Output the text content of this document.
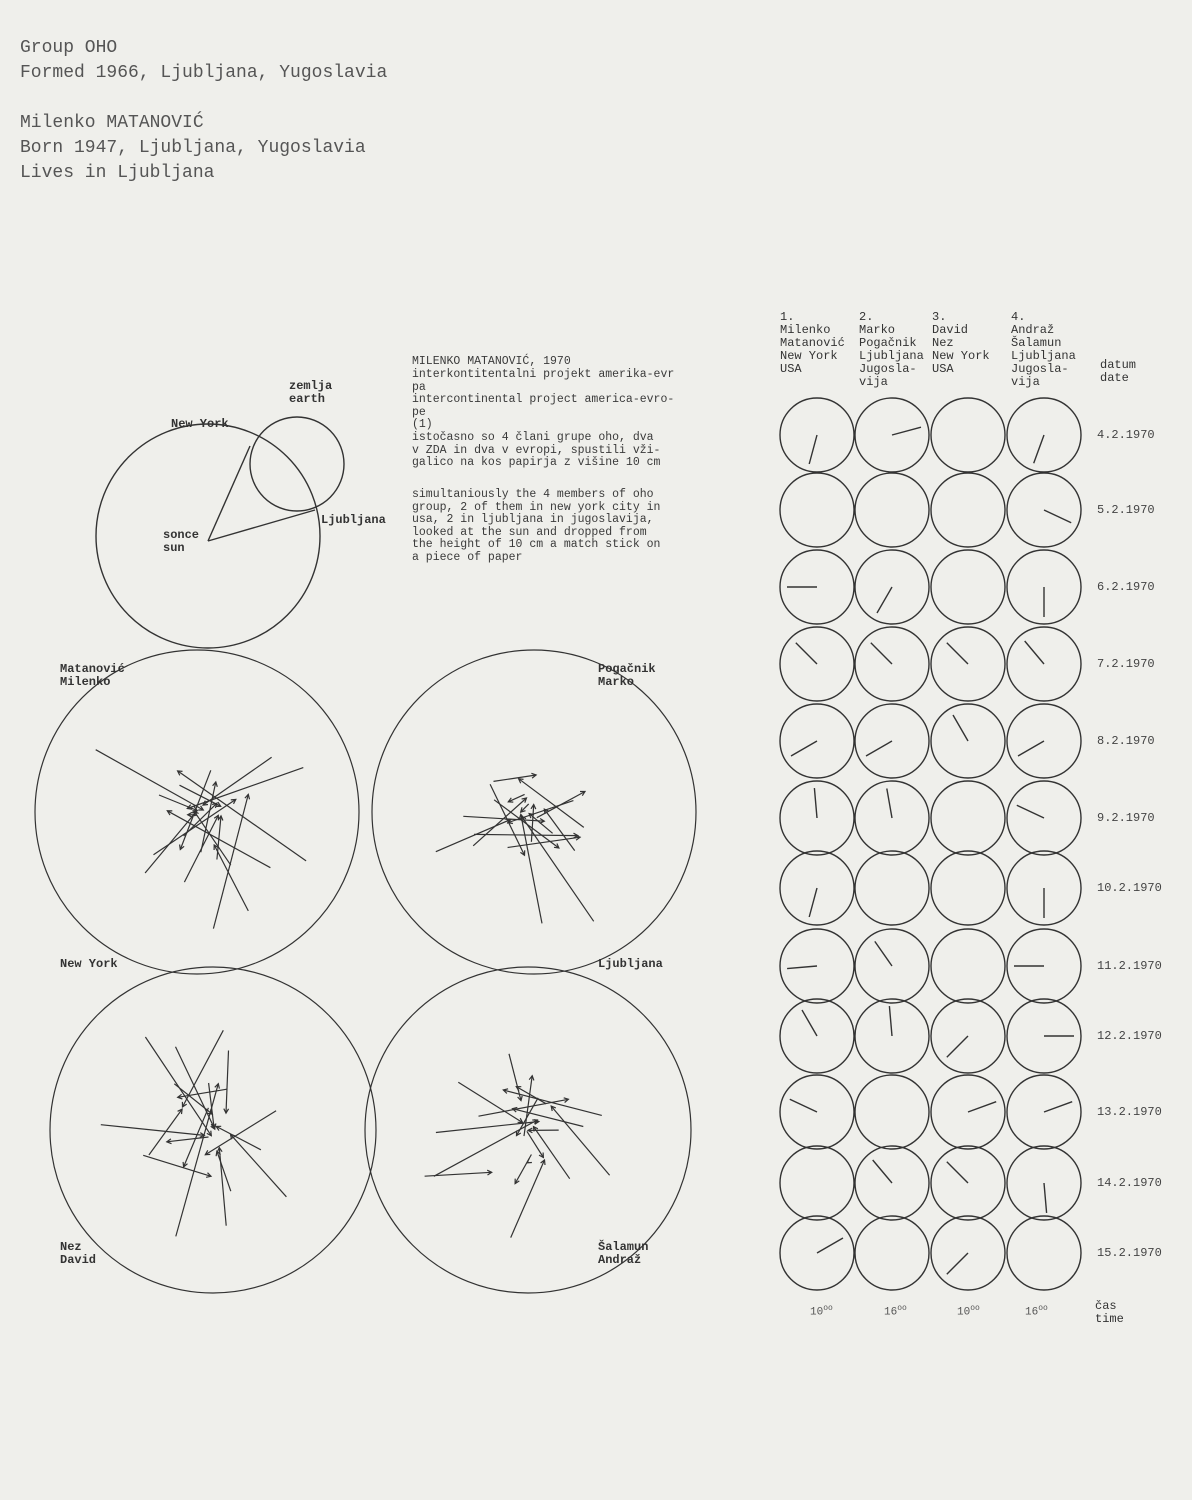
Group OHO
Formed 1966, Ljubljana, Yugoslavia
Milenko MATANOVIĆ
Born 1947, Ljubljana, Yugoslavia
Lives in Ljubljana
zemlja
earth
New York
Ljubljana
sonce
sun
MILENKO MATANOVIĆ, 1970
interkontitentalni projekt amerika-evr
pa
intercontinental project america-evro-
pe
(1)
istočasno so 4 člani grupe oho, dva
v ZDA in dva v evropi, spustili vži-
galico na kos papirja z višine 10 cm
simultaniously the 4 members of oho
group, 2 of them in new york city in
usa, 2 in ljubljana in jugoslavija,
looked at the sun and dropped from
the height of 10 cm a match stick on
a piece of paper
Matanović
Milenko
Pogačnik
Marko
New York	Ljubljana
Nez
David
Šalamun
Andraž
1.
Milenko
Matanović
New York
USA
2.
Marko
Pogačnik
Ljubljana
Jugosla-
vija
3.
David
Nez
New York
USA
4.
Andraž
Šalamun
Ljubljana
Jugosla-
vija
datum
date
4.2.1970
5.2.1970
6.2.1970
7.2.1970
8.2.1970
9.2.1970
10.2.1970
11.2.1970
12.2.1970
13.2.1970
14.2.1970
15.2.1970
$10^{oo}$	$16^{oo}$	$10^{oo}$	$16^{oo}$	čas
time
